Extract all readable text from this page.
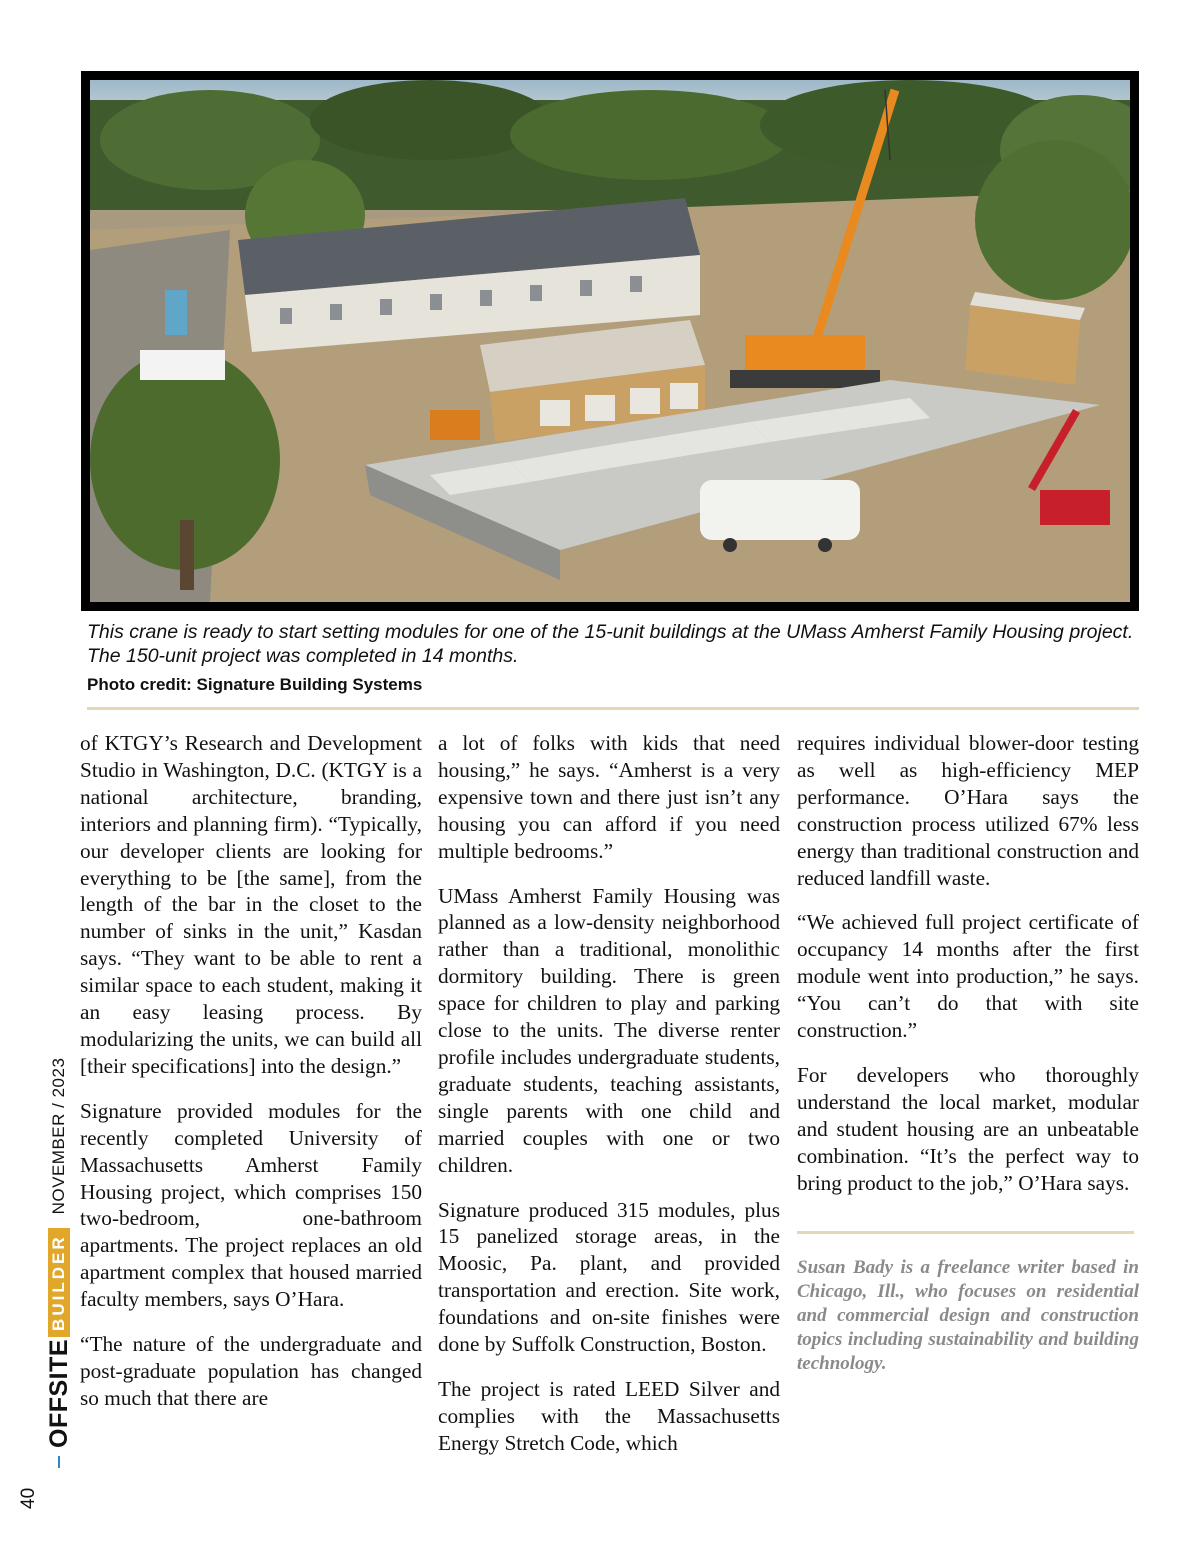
This crane is ready to start setting modules for one of the 15-unit buildings at the UMass Amherst Family Housing project. The 150-unit project was completed in 14 months.
Photo credit: Signature Building Systems

of KTGY’s Research and Development Studio in Washington, D.C. (KTGY is a national architecture, branding, interiors and planning firm). “Typically, our developer clients are looking for everything to be [the same], from the length of the bar in the closet to the number of sinks in the unit,” Kasdan says. “They want to be able to rent a similar space to each student, making it an easy leasing process. By modularizing the units, we can build all [their specifications] into the design.”

Signature provided modules for the recently completed University of Massachusetts Amherst Family Housing project, which comprises 150 two-bedroom, one-bathroom apartments. The project replaces an old apartment complex that housed married faculty members, says O’Hara.

“The nature of the undergraduate and post-graduate population has changed so much that there are

a lot of folks with kids that need housing,” he says. “Amherst is a very expensive town and there just isn’t any housing you can afford if you need multiple bedrooms.”

UMass Amherst Family Housing was planned as a low-density neighborhood rather than a traditional, monolithic dormitory building. There is green space for children to play and parking close to the units. The diverse renter profile includes undergraduate students, graduate students, teaching assistants, single parents with one child and married couples with one or two children.

Signature produced 315 modules, plus 15 panelized storage areas, in the Moosic, Pa. plant, and provided transportation and erection. Site work, foundations and on-site finishes were done by Suffolk Construction, Boston.

The project is rated LEED Silver and complies with the Massachusetts Energy Stretch Code, which

requires individual blower-door testing as well as high-efficiency MEP performance. O’Hara says the construction process utilized 67% less energy than traditional construction and reduced landfill waste.

“We achieved full project certificate of occupancy 14 months after the first module went into production,” he says. “You can’t do that with site construction.”

For developers who thoroughly understand the local market, modular and student housing are an unbeatable combination. “It’s the perfect way to bring product to the job,” O’Hara says.

Susan Bady is a freelance writer based in Chicago, Ill., who focuses on residential and commercial design and construction topics including sustainability and building technology.
OFFSITE
BUILDER
NOVEMBER / 2023
40
